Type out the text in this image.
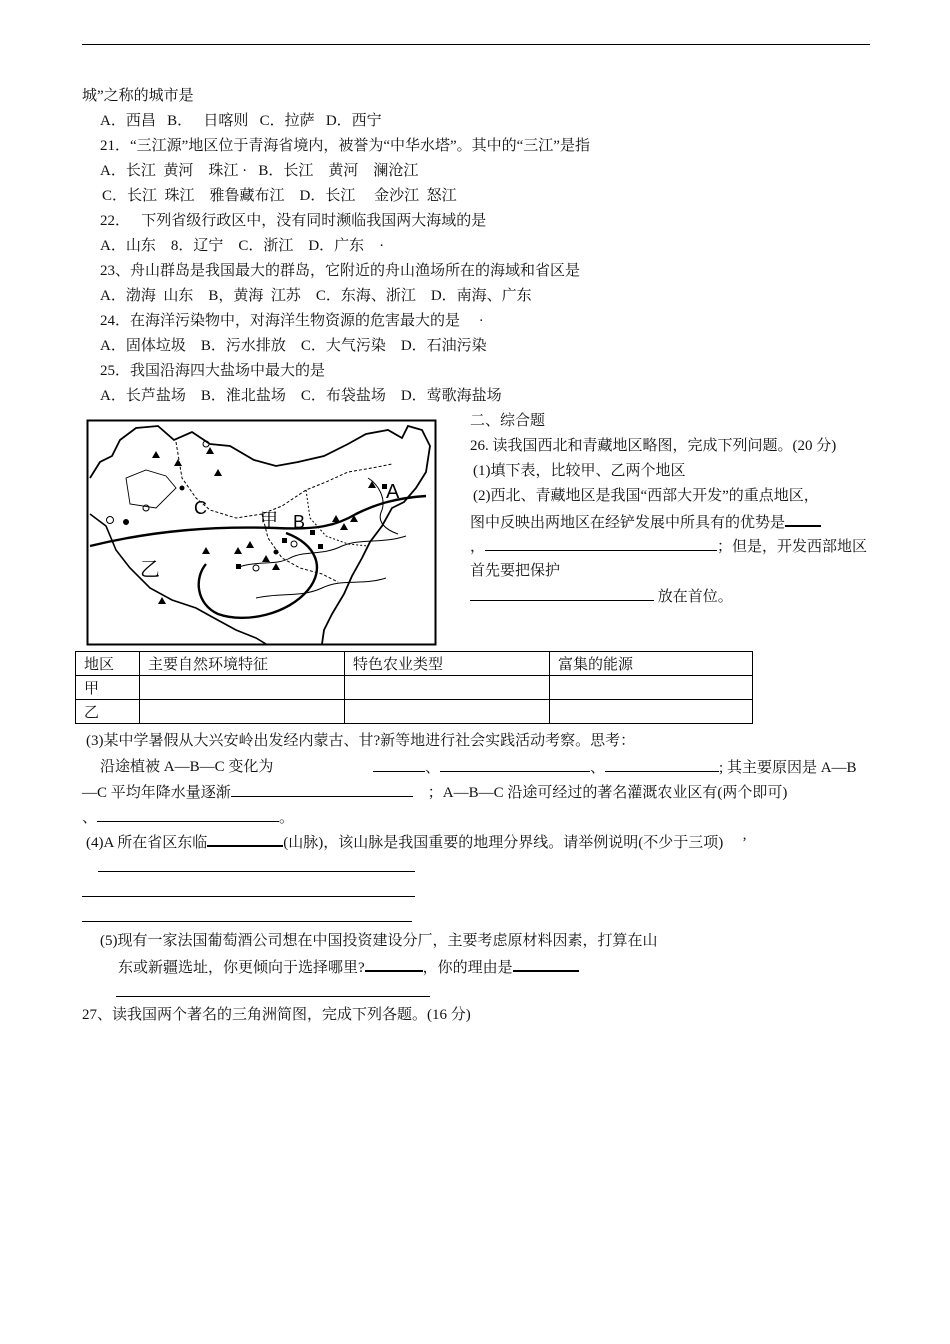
城”之称的城市是
A．西昌   B．   日喀则   C．拉萨   D．西宁
21．“三江源”地区位于青海省境内，被誉为“中华水塔”。其中的“三江”是指
A．长江  黄河    珠江 ·   B．长江    黄河    澜沧江
C．长江  珠江    雅鲁藏布江    D．长江     金沙江  怒江
22．   下列省级行政区中，没有同时濒临我国两大海域的是
A．山东    8．辽宁    C．浙江    D．广东    ·
23、舟山群岛是我国最大的群岛，它附近的舟山渔场所在的海域和省区是
A．渤海  山东    B，黄海  江苏    C．东海、浙江    D．南海、广东
24．在海洋污染物中，对海洋生物资源的危害最大的是     ·
A．固体垃圾    B．污水排放    C．大气污染    D．石油污染
25．我国沿海四大盐场中最大的是
A．长芦盐场    B．淮北盐场    C．布袋盐场    D．莺歌海盐场
二、综合题
26. 读我国西北和青藏地区略图，完成下列问题。(20 分)
(1)填下表，比较甲、乙两个地区
(2)西北、青藏地区是我国“西部大开发”的重点地区，
图中反映出两地区在经铲发展中所具有的优势是
，	；但是，开发西部地区
首先要把保护
放在首位。
A
B
C
甲
乙
地区	主要自然环境特征	特色农业类型	富集的能源
甲			
乙			
(3)某中学暑假从大兴安岭出发经内蒙古、甘?新等地进行社会实践活动考察。思考：
沿途植被 A—B—C 变化为	、	、	; 其主要原因是 A—B
—C 平均年降水量逐渐	；A—B—C 沿途可经过的著名灌溉农业区有(两个即可)
、	。
(4)A 所在省区东临	(山脉)，该山脉是我国重要的地理分界线。请举例说明(不少于三项)     ’
(5)现有一家法国葡萄酒公司想在中国投资建设分厂，主要考虑原材料因素，打算在山
东或新疆选址，你更倾向于选择哪里?	，你的理由是
27、读我国两个著名的三角洲简图，完成下列各题。(16 分)
